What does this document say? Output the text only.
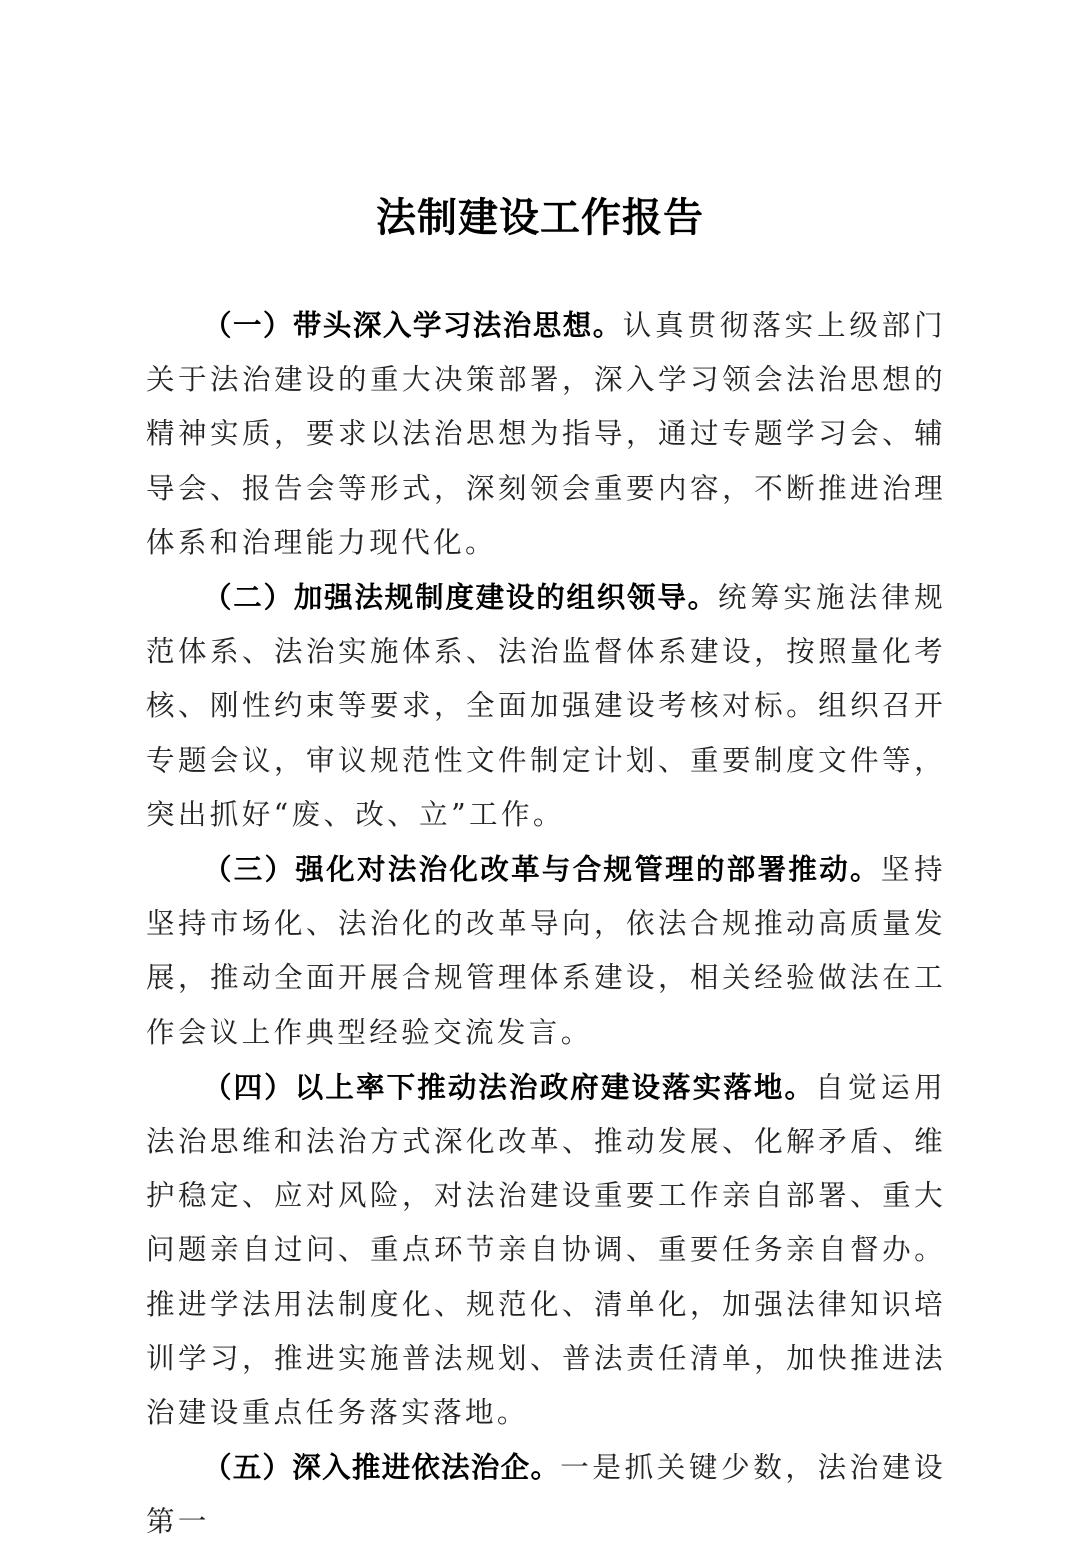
法制建设工作报告

（一）带头深入学习法治思想。认真贯彻落实上级部门关于法治建设的重大决策部署，深入学习领会法治思想的精神实质，要求以法治思想为指导，通过专题学习会、辅导会、报告会等形式，深刻领会重要内容，不断推进治理体系和治理能力现代化。

（二）加强法规制度建设的组织领导。统筹实施法律规范体系、法治实施体系、法治监督体系建设，按照量化考核、刚性约束等要求，全面加强建设考核对标。组织召开专题会议，审议规范性文件制定计划、重要制度文件等，突出抓好“废、改、立”工作。

（三）强化对法治化改革与合规管理的部署推动。坚持坚持市场化、法治化的改革导向，依法合规推动高质量发展，推动全面开展合规管理体系建设，相关经验做法在工作会议上作典型经验交流发言。

（四）以上率下推动法治政府建设落实落地。自觉运用法治思维和法治方式深化改革、推动发展、化解矛盾、维护稳定、应对风险，对法治建设重要工作亲自部署、重大问题亲自过问、重点环节亲自协调、重要任务亲自督办。推进学法用法制度化、规范化、清单化，加强法律知识培训学习，推进实施普法规划、普法责任清单，加快推进法治建设重点任务落实落地。

（五）深入推进依法治企。一是抓关键少数，法治建设第一
